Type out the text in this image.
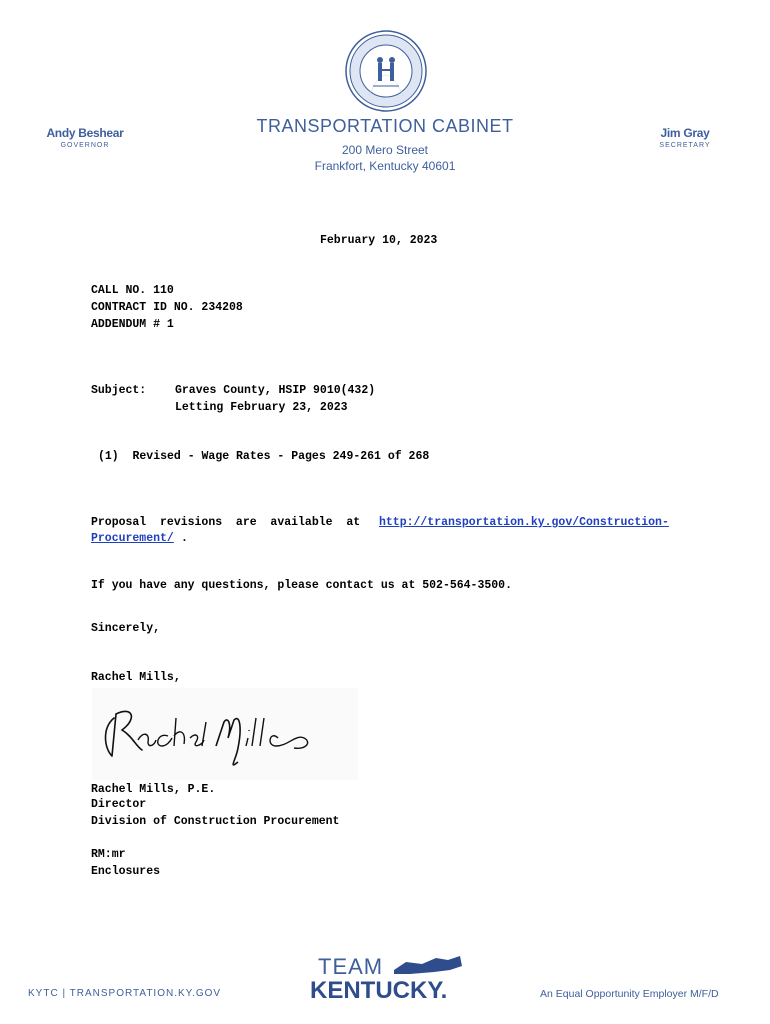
Andy Beshear
GOVERNOR
TRANSPORTATION CABINET
200 Mero Street
Frankfort, Kentucky 40601
Jim Gray
SECRETARY
February 10, 2023
CALL NO. 110
CONTRACT ID NO. 234208
ADDENDUM # 1
Subject:	Graves County, HSIP 9010(432)
Letting February 23, 2023
(1)  Revised - Wage Rates - Pages 249-261 of 268
Proposal  revisions  are  available  at http://transportation.ky.gov/Construction-
Procurement/ .
If you have any questions, please contact us at 502-564-3500.
Sincerely,
Rachel Mills,
Rachel Mills, P.E.
Director
Division of Construction Procurement
RM:mr
Enclosures
KYTC | TRANSPORTATION.KY.GOV
TEAM
KENTUCKY.	An Equal Opportunity Employer M/F/D
